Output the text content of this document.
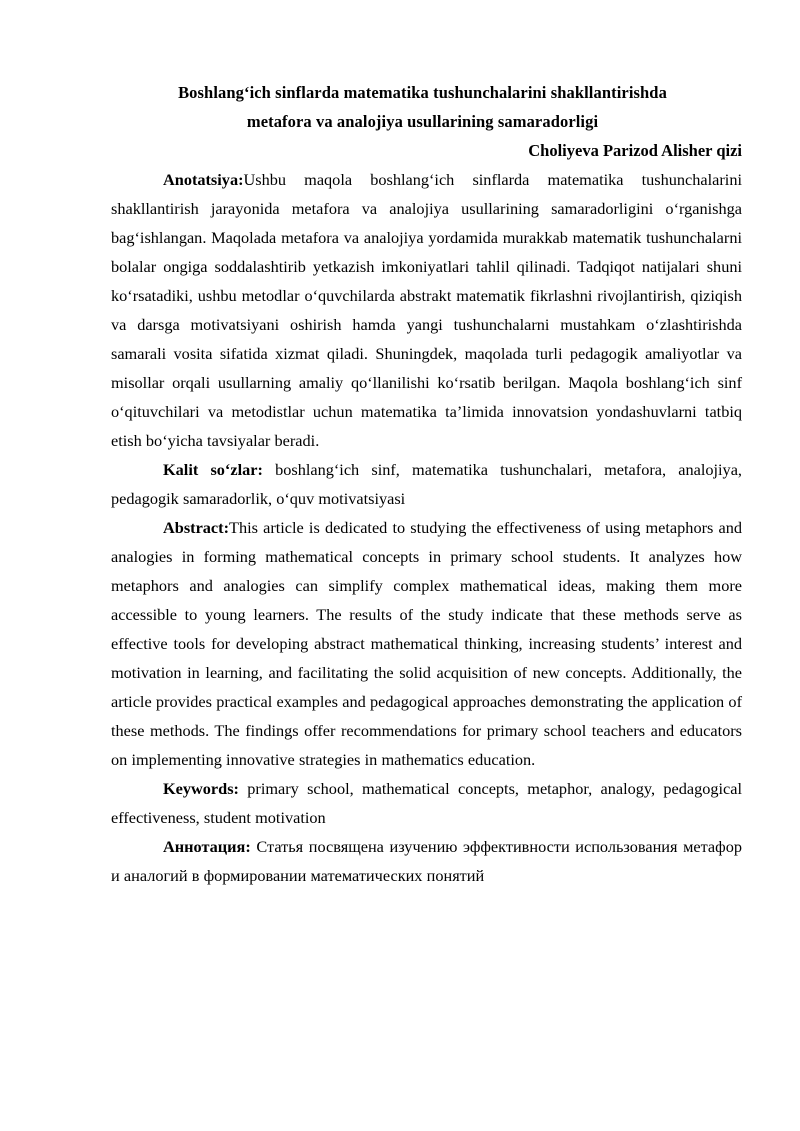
Boshlang‘ich sinflarda matematika tushunchalarini shakllantirishda
metafora va analojiya usullarining samaradorligi

Choliyeva Parizod Alisher qizi

Anotatsiya:Ushbu maqola boshlang‘ich sinflarda matematika tushunchalarini shakllantirish jarayonida metafora va analojiya usullarining samaradorligini o‘rganishga bag‘ishlangan. Maqolada metafora va analojiya yordamida murakkab matematik tushunchalarni bolalar ongiga soddalashtirib yetkazish imkoniyatlari tahlil qilinadi. Tadqiqot natijalari shuni ko‘rsatadiki, ushbu metodlar o‘quvchilarda abstrakt matematik fikrlashni rivojlantirish, qiziqish va darsga motivatsiyani oshirish hamda yangi tushunchalarni mustahkam o‘zlashtirishda samarali vosita sifatida xizmat qiladi. Shuningdek, maqolada turli pedagogik amaliyotlar va misollar orqali usullarning amaliy qo‘llanilishi ko‘rsatib berilgan. Maqola boshlang‘ich sinf o‘qituvchilari va metodistlar uchun matematika ta’limida innovatsion yondashuvlarni tatbiq etish bo‘yicha tavsiyalar beradi.

Kalit so‘zlar: boshlang‘ich sinf, matematika tushunchalari, metafora, analojiya, pedagogik samaradorlik, o‘quv motivatsiyasi

Abstract:This article is dedicated to studying the effectiveness of using metaphors and analogies in forming mathematical concepts in primary school students. It analyzes how metaphors and analogies can simplify complex mathematical ideas, making them more accessible to young learners. The results of the study indicate that these methods serve as effective tools for developing abstract mathematical thinking, increasing students’ interest and motivation in learning, and facilitating the solid acquisition of new concepts. Additionally, the article provides practical examples and pedagogical approaches demonstrating the application of these methods. The findings offer recommendations for primary school teachers and educators on implementing innovative strategies in mathematics education.

Keywords: primary school, mathematical concepts, metaphor, analogy, pedagogical effectiveness, student motivation

Аннотация: Статья посвящена изучению эффективности использования метафор и аналогий в формировании математических понятий
